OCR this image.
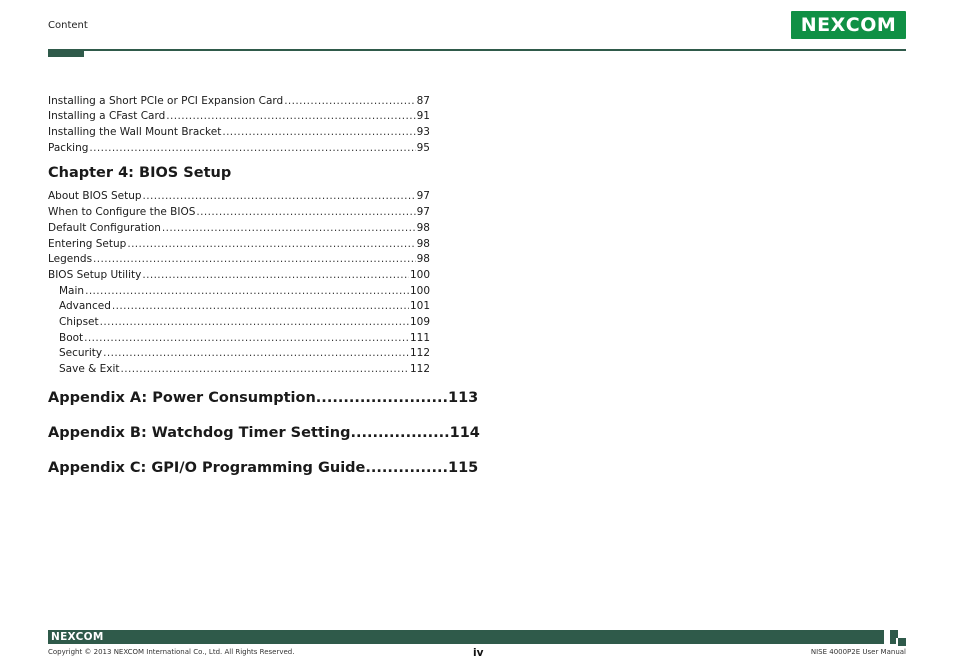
Content	NE X COM
Installing a Short PCIe or PCI Expansion Card .....	87
Installing a CFast Card .....	91
Installing the Wall Mount Bracket .....	93
Packing .....	95
Chapter 4: BIOS Setup
About BIOS Setup .....	97
When to Configure the BIOS .....	97
Default Configuration .....	98
Entering Setup .....	98
Legends .....	98
BIOS Setup Utility .....	100
Main .....	100
Advanced .....	101
Chipset .....	109
Boot .....	111
Security .....	112
Save & Exit .....	112
Appendix A: Power Consumption........................113
Appendix B: Watchdog Timer Setting..................114
Appendix C: GPI/O Programming Guide...............115
NEXCOM
Copyright © 2013 NEXCOM International Co., Ltd. All Rights Reserved.	iv	NISE 4000P2E User Manual
